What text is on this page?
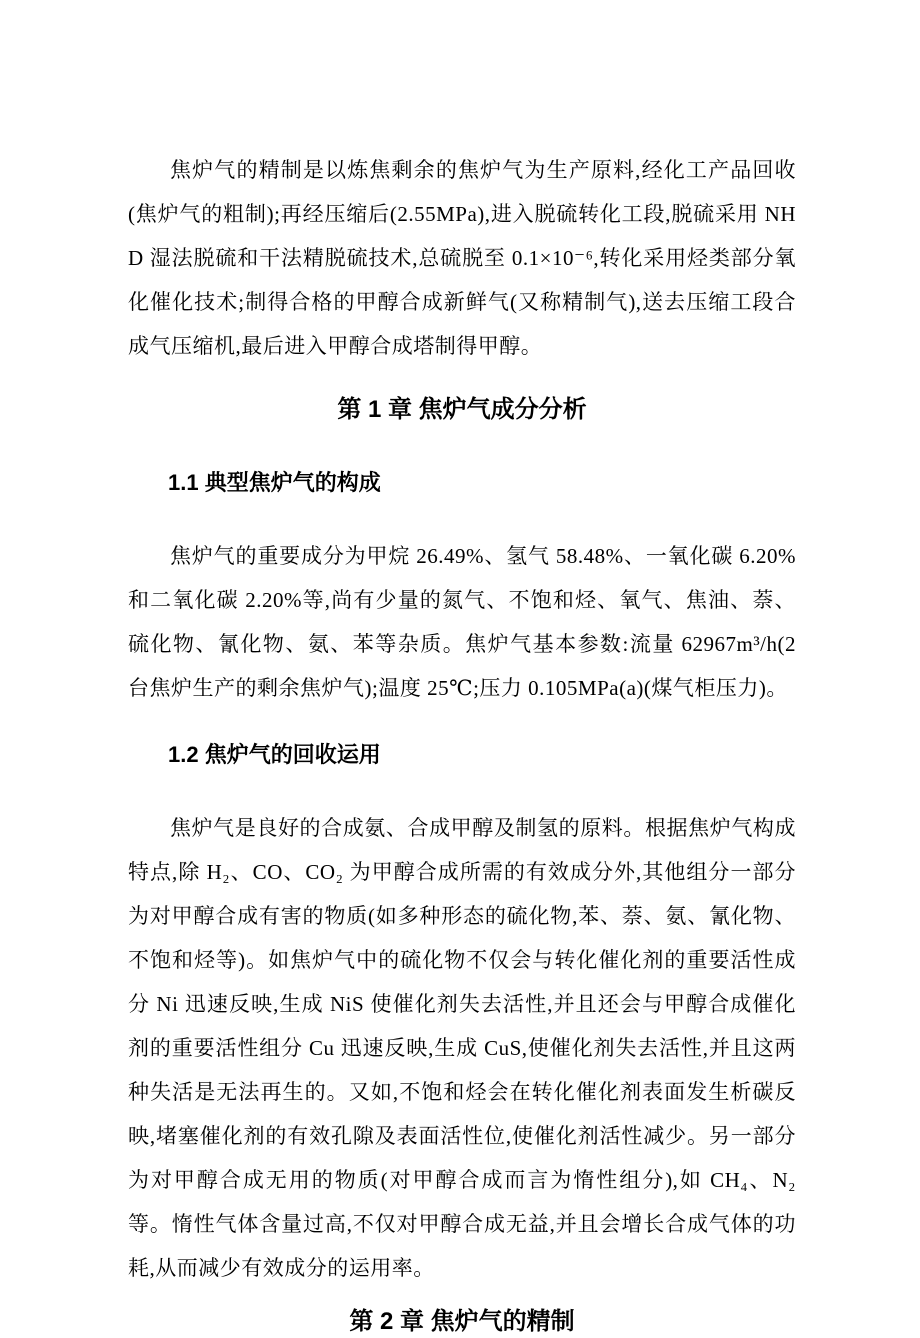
焦炉气的精制是以炼焦剩余的焦炉气为生产原料,经化工产品回收(焦炉气的粗制);再经压缩后(2.55MPa),进入脱硫转化工段,脱硫采用 NHD 湿法脱硫和干法精脱硫技术,总硫脱至 0.1×10⁻⁶,转化采用烃类部分氧化催化技术;制得合格的甲醇合成新鲜气(又称精制气),送去压缩工段合成气压缩机,最后进入甲醇合成塔制得甲醇。

第 1 章 焦炉气成分分析
1.1 典型焦炉气的构成

焦炉气的重要成分为甲烷 26.49%、氢气 58.48%、一氧化碳 6.20%和二氧化碳 2.20%等,尚有少量的氮气、不饱和烃、氧气、焦油、萘、硫化物、氰化物、氨、苯等杂质。焦炉气基本参数:流量 62967m³/h(2 台焦炉生产的剩余焦炉气);温度 25℃;压力 0.105MPa(a)(煤气柜压力)。

1.2 焦炉气的回收运用

焦炉气是良好的合成氨、合成甲醇及制氢的原料。根据焦炉气构成特点,除 H₂、CO、CO₂ 为甲醇合成所需的有效成分外,其他组分一部分为对甲醇合成有害的物质(如多种形态的硫化物,苯、萘、氨、氰化物、不饱和烃等)。如焦炉气中的硫化物不仅会与转化催化剂的重要活性成分 Ni 迅速反映,生成 NiS 使催化剂失去活性,并且还会与甲醇合成催化剂的重要活性组分 Cu 迅速反映,生成 CuS,使催化剂失去活性,并且这两种失活是无法再生的。又如,不饱和烃会在转化催化剂表面发生析碳反映,堵塞催化剂的有效孔隙及表面活性位,使催化剂活性减少。另一部分为对甲醇合成无用的物质(对甲醇合成而言为惰性组分),如 CH₄、N₂ 等。惰性气体含量过高,不仅对甲醇合成无益,并且会增长合成气体的功耗,从而减少有效成分的运用率。

第 2 章 焦炉气的精制
